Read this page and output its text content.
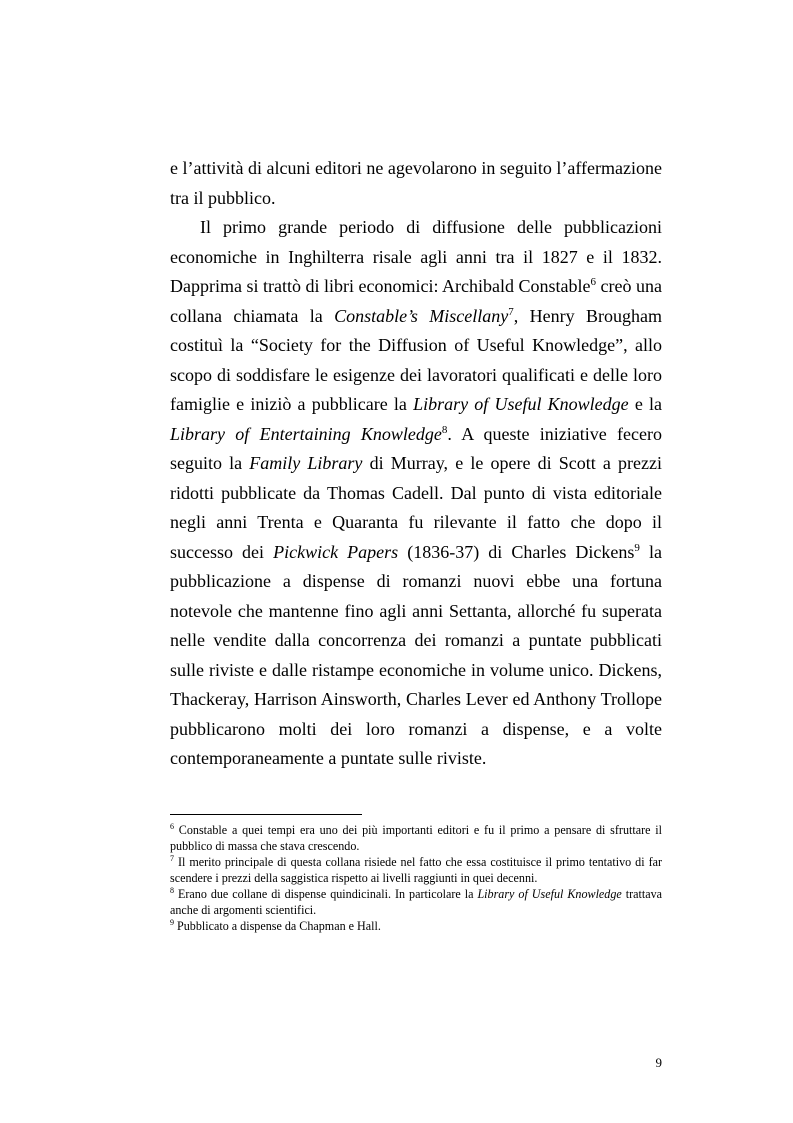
e l’attività di alcuni editori ne agevolarono in seguito l’affermazione tra il pubblico.

Il primo grande periodo di diffusione delle pubblicazioni economiche in Inghilterra risale agli anni tra il 1827 e il 1832. Dapprima si trattò di libri economici: Archibald Constable$^6$ creò una collana chiamata la Constable’s Miscellany$^7$, Henry Brougham costituì la “Society for the Diffusion of Useful Knowledge”, allo scopo di soddisfare le esigenze dei lavoratori qualificati e delle loro famiglie e iniziò a pubblicare la Library of Useful Knowledge e la Library of Entertaining Knowledge$^8$. A queste iniziative fecero seguito la Family Library di Murray, e le opere di Scott a prezzi ridotti pubblicate da Thomas Cadell. Dal punto di vista editoriale negli anni Trenta e Quaranta fu rilevante il fatto che dopo il successo dei Pickwick Papers (1836-37) di Charles Dickens$^9$ la pubblicazione a dispense di romanzi nuovi ebbe una fortuna notevole che mantenne fino agli anni Settanta, allorché fu superata nelle vendite dalla concorrenza dei romanzi a puntate pubblicati sulle riviste e dalle ristampe economiche in volume unico. Dickens, Thackeray, Harrison Ainsworth, Charles Lever ed Anthony Trollope pubblicarono molti dei loro romanzi a dispense, e a volte contemporaneamente a puntate sulle riviste.

$^6$ Constable a quei tempi era uno dei più importanti editori e fu il primo a pensare di sfruttare il pubblico di massa che stava crescendo.

$^7$ Il merito principale di questa collana risiede nel fatto che essa costituisce il primo tentativo di far scendere i prezzi della saggistica rispetto ai livelli raggiunti in quei decenni.

$^8$ Erano due collane di dispense quindicinali. In particolare la Library of Useful Knowledge trattava anche di argomenti scientifici.

$^9$ Pubblicato a dispense da Chapman e Hall.

9
